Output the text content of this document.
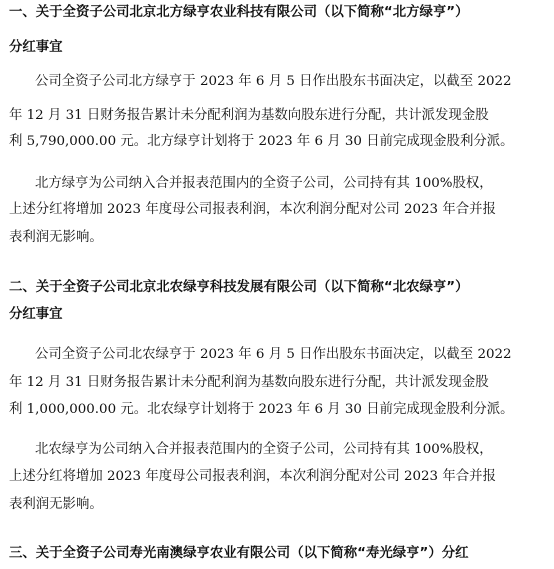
一、关于全资子公司北京北方绿亨农业科技有限公司（以下简称“北方绿亨”）
分红事宜
公司全资子公司北方绿亨于 2023 年 6 月 5 日作出股东书面决定，以截至 2022
年 12 月 31 日财务报告累计未分配利润为基数向股东进行分配，共计派发现金股
利 5,790,000.00 元。北方绿亨计划将于 2023 年 6 月 30 日前完成现金股利分派。
北方绿亨为公司纳入合并报表范围内的全资子公司，公司持有其 100%股权，
上述分红将增加 2023 年度母公司报表利润，本次利润分配对公司 2023 年合并报
表利润无影响。
二、关于全资子公司北京北农绿亨科技发展有限公司（以下简称“北农绿亨”）
分红事宜
公司全资子公司北农绿亨于 2023 年 6 月 5 日作出股东书面决定，以截至 2022
年 12 月 31 日财务报告累计未分配利润为基数向股东进行分配，共计派发现金股
利 1,000,000.00 元。北农绿亨计划将于 2023 年 6 月 30 日前完成现金股利分派。
北农绿亨为公司纳入合并报表范围内的全资子公司，公司持有其 100%股权，
上述分红将增加 2023 年度母公司报表利润，本次利润分配对公司 2023 年合并报
表利润无影响。
三、关于全资子公司寿光南澳绿亨农业有限公司（以下简称“寿光绿亨”）分红
